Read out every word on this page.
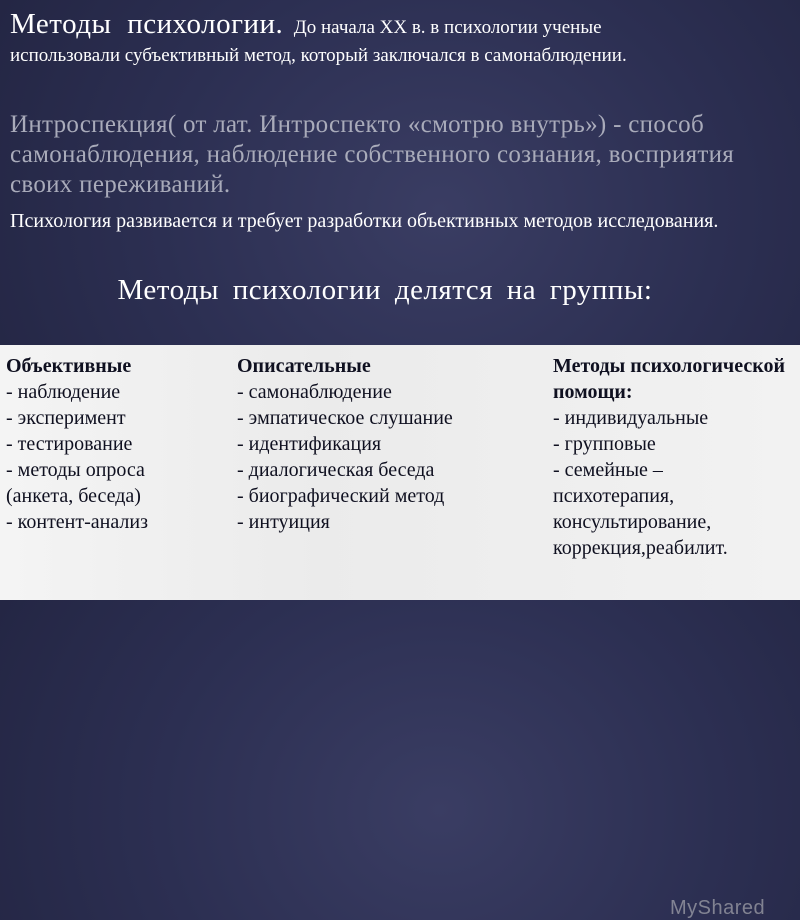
Методы психологии. До начала XX в. в психологии ученые
использовали субъективный метод, который заключался в самонаблюдении.
Интроспекция( от лат. Интроспекто «смотрю внутрь») - способ самонаблюдения, наблюдение собственного сознания, восприятия своих переживаний.
Психология развивается и требует разработки объективных методов исследования.
Методы психологии делятся на группы:
Объективные
- наблюдение
- эксперимент
- тестирование
- методы опроса
(анкета, беседа)
- контент-анализ
Описательные
- самонаблюдение
- эмпатическое слушание
- идентификация
- диалогическая беседа
- биографический метод
- интуиция
Методы психологической помощи:
- индивидуальные
- групповые
- семейные –
психотерапия,
консультирование, коррекция,реабилит.
MyShared
